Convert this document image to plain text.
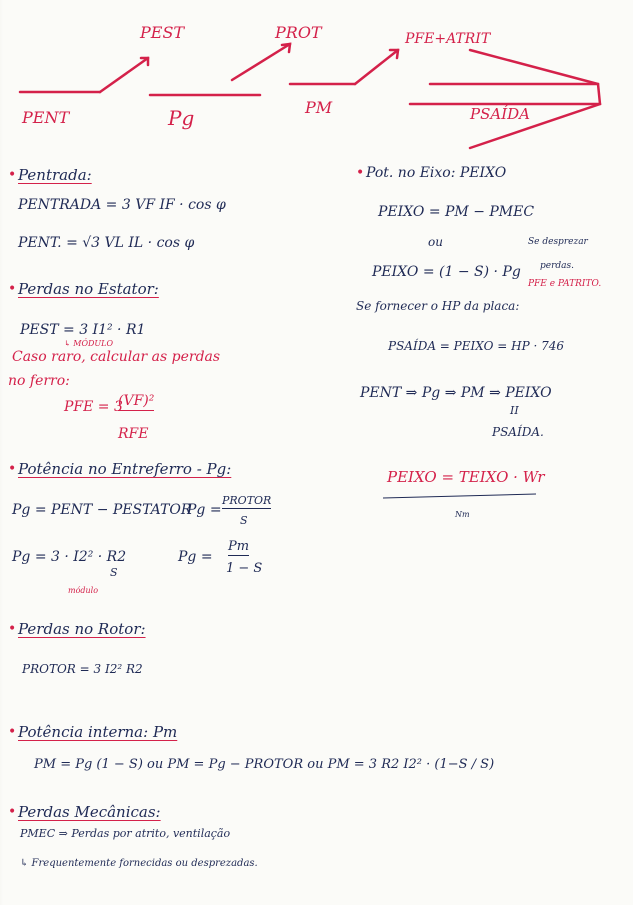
PEST	PROT	PFE+ATRIT
PENT	Pg	PM	PSAÍDA
• Pentrada:
PENTRADA = 3 VF IF · cos φ
PENT. = √3 VL IL · cos φ
• Perdas no Estator:
PEST = 3 I1² · R1
↳ MÓDULO
Caso raro, calcular as perdas
no ferro:
PFE = 3
(VF)²
RFE
• Potência no Entreferro - Pg:
Pg = PENT − PESTATOR
Pg =
PROTOR
S
Pg = 3 · I2² · R2
S
módulo
Pg =
Pm
1 − S
• Perdas no Rotor:
PROTOR = 3 I2² R2
• Potência interna: Pm
PM = Pg (1 − S) ou PM = Pg − PROTOR ou PM = 3 R2 I2² · (1−S / S)
• Perdas Mecânicas:
PMEC ⇒ Perdas por atrito, ventilação
↳ Frequentemente fornecidas ou desprezadas.
• Pot. no Eixo: PEIXO
PEIXO = PM − PMEC
ou
PEIXO = (1 − S) · Pg
Se desprezar
perdas.
PFE e PATRITO.
Se fornecer o HP da placa:
PSAÍDA = PEIXO = HP · 746
PENT ⇒ Pg ⇒ PM ⇒ PEIXO
II
PSAÍDA.
PEIXO = TEIXO · Wr
Nm
